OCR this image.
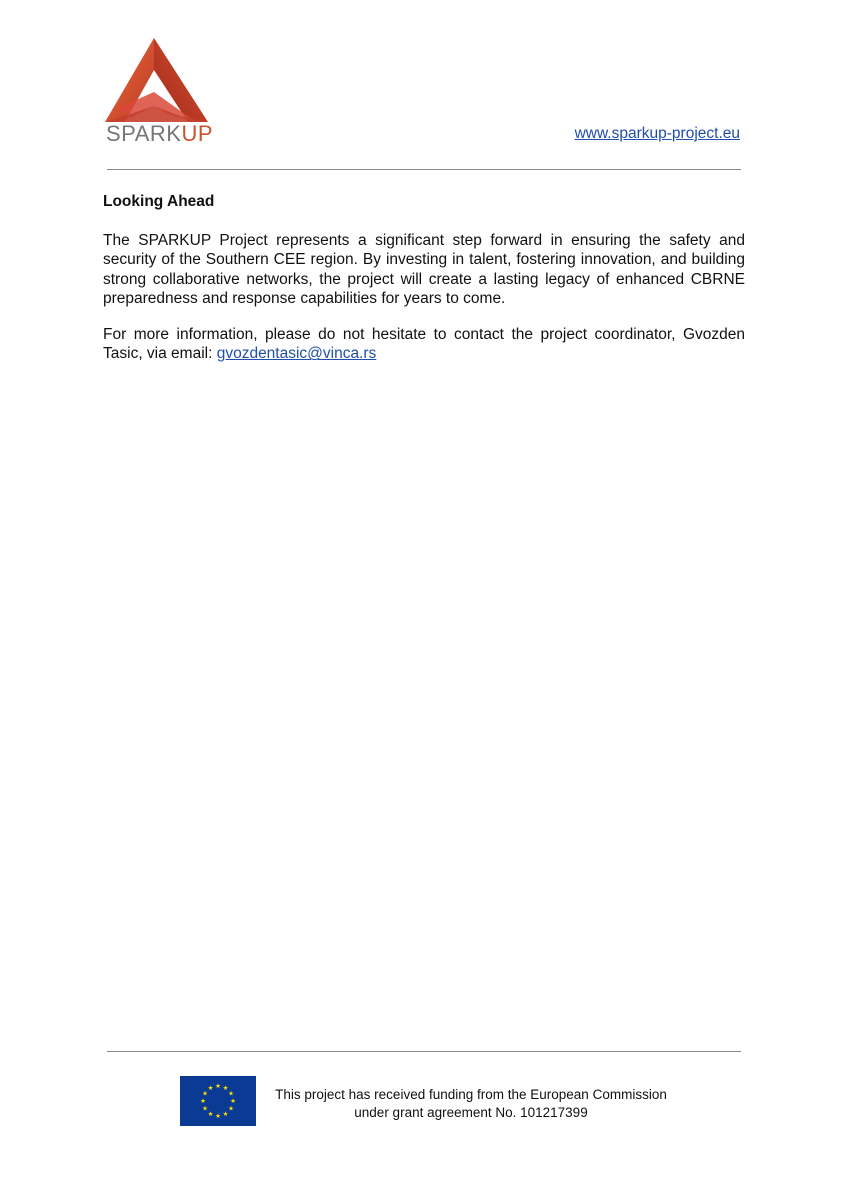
SPARKUP	www.sparkup-project.eu
Looking Ahead

The SPARKUP Project represents a significant step forward in ensuring the safety and security of the Southern CEE region. By investing in talent, fostering innovation, and building strong collaborative networks, the project will create a lasting legacy of enhanced CBRNE preparedness and response capabilities for years to come.

For more information, please do not hesitate to contact the project coordinator, Gvozden Tasic, via email: gvozdentasic@vinca.rs

★ ★
★
★
★
★
★
★
★
★
★
★	This project has received funding from the European Commission
under grant agreement No. 101217399
